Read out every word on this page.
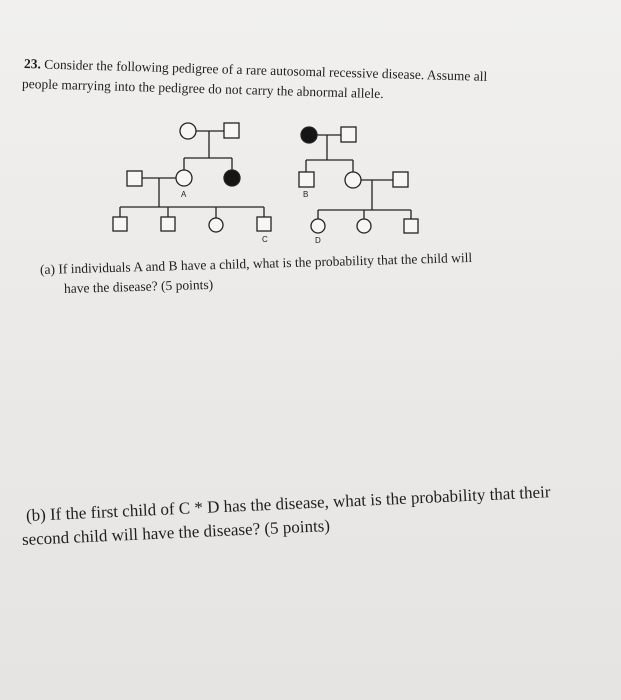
23. Consider the following pedigree of a rare autosomal recessive disease. Assume all
people marrying into the pedigree do not carry the abnormal allele.
A
C
B
D
(a) If individuals A and B have a child, what is the probability that the child will
have the disease? (5 points)
(b) If the first child of C * D has the disease, what is the probability that their
second child will have the disease? (5 points)
